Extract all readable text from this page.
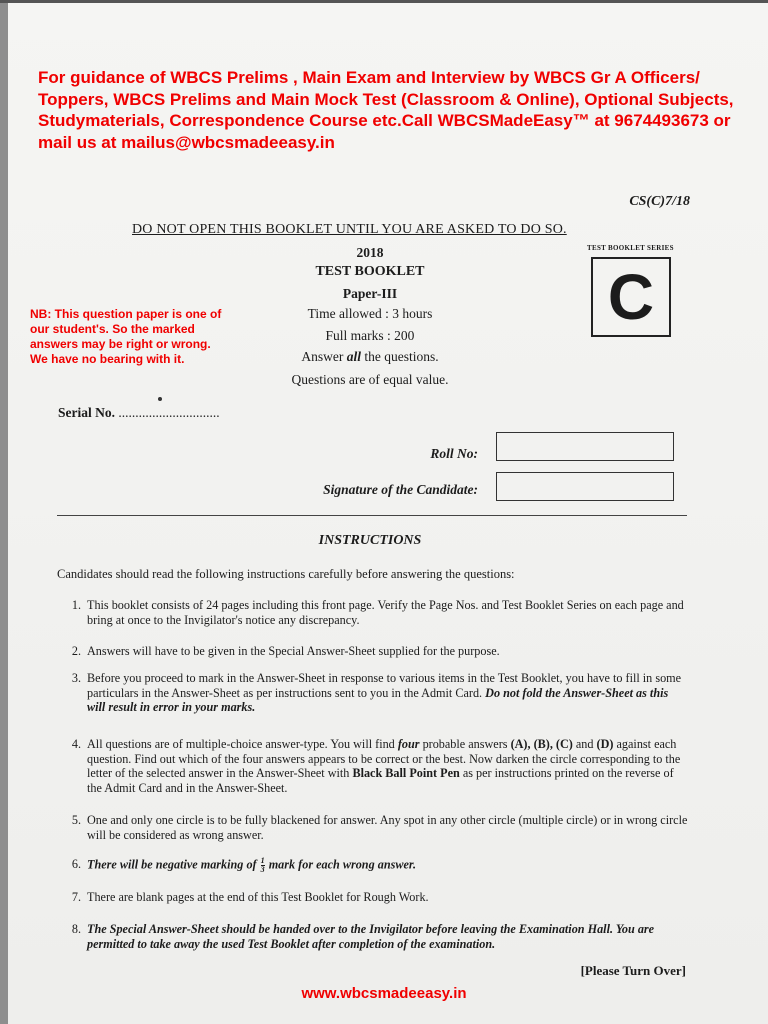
For guidance of WBCS Prelims , Main Exam and Interview by WBCS Gr A Officers/ Toppers, WBCS Prelims and Main Mock Test (Classroom & Online), Optional Subjects, Studymaterials, Correspondence Course etc.Call WBCSMadeEasy™ at 9674493673 or mail us at mailus@wbcsmadeeasy.in
CS(C)7/18
DO NOT OPEN THIS BOOKLET UNTIL YOU ARE ASKED TO DO SO.
2018
TEST BOOKLET
Paper-III
Time allowed : 3 hours
Full marks : 200
Answer all the questions.
Questions are of equal value.
TEST BOOKLET SERIES
C
NB: This question paper is one of our student's. So the marked answers may be right or wrong. We have no bearing with it.
Serial No. ..............................
Roll No:
Signature of the Candidate:
INSTRUCTIONS
Candidates should read the following instructions carefully before answering the questions:
1. This booklet consists of 24 pages including this front page. Verify the Page Nos. and Test Booklet Series on each page and bring at once to the Invigilator's notice any discrepancy.
2. Answers will have to be given in the Special Answer-Sheet supplied for the purpose.
3. Before you proceed to mark in the Answer-Sheet in response to various items in the Test Booklet, you have to fill in some particulars in the Answer-Sheet as per instructions sent to you in the Admit Card. Do not fold the Answer-Sheet as this will result in error in your marks.
4. All questions are of multiple-choice answer-type. You will find four probable answers (A), (B), (C) and (D) against each question. Find out which of the four answers appears to be correct or the best. Now darken the circle corresponding to the letter of the selected answer in the Answer-Sheet with Black Ball Point Pen as per instructions printed on the reverse of the Admit Card and in the Answer-Sheet.
5. One and only one circle is to be fully blackened for answer. Any spot in any other circle (multiple circle) or in wrong circle will be considered as wrong answer.
6. There will be negative marking of $\frac{1}{3}$ mark for each wrong answer.
7. There are blank pages at the end of this Test Booklet for Rough Work.
8. The Special Answer-Sheet should be handed over to the Invigilator before leaving the Examination Hall. You are permitted to take away the used Test Booklet after completion of the examination.
[Please Turn Over]
www.wbcsmadeeasy.in
